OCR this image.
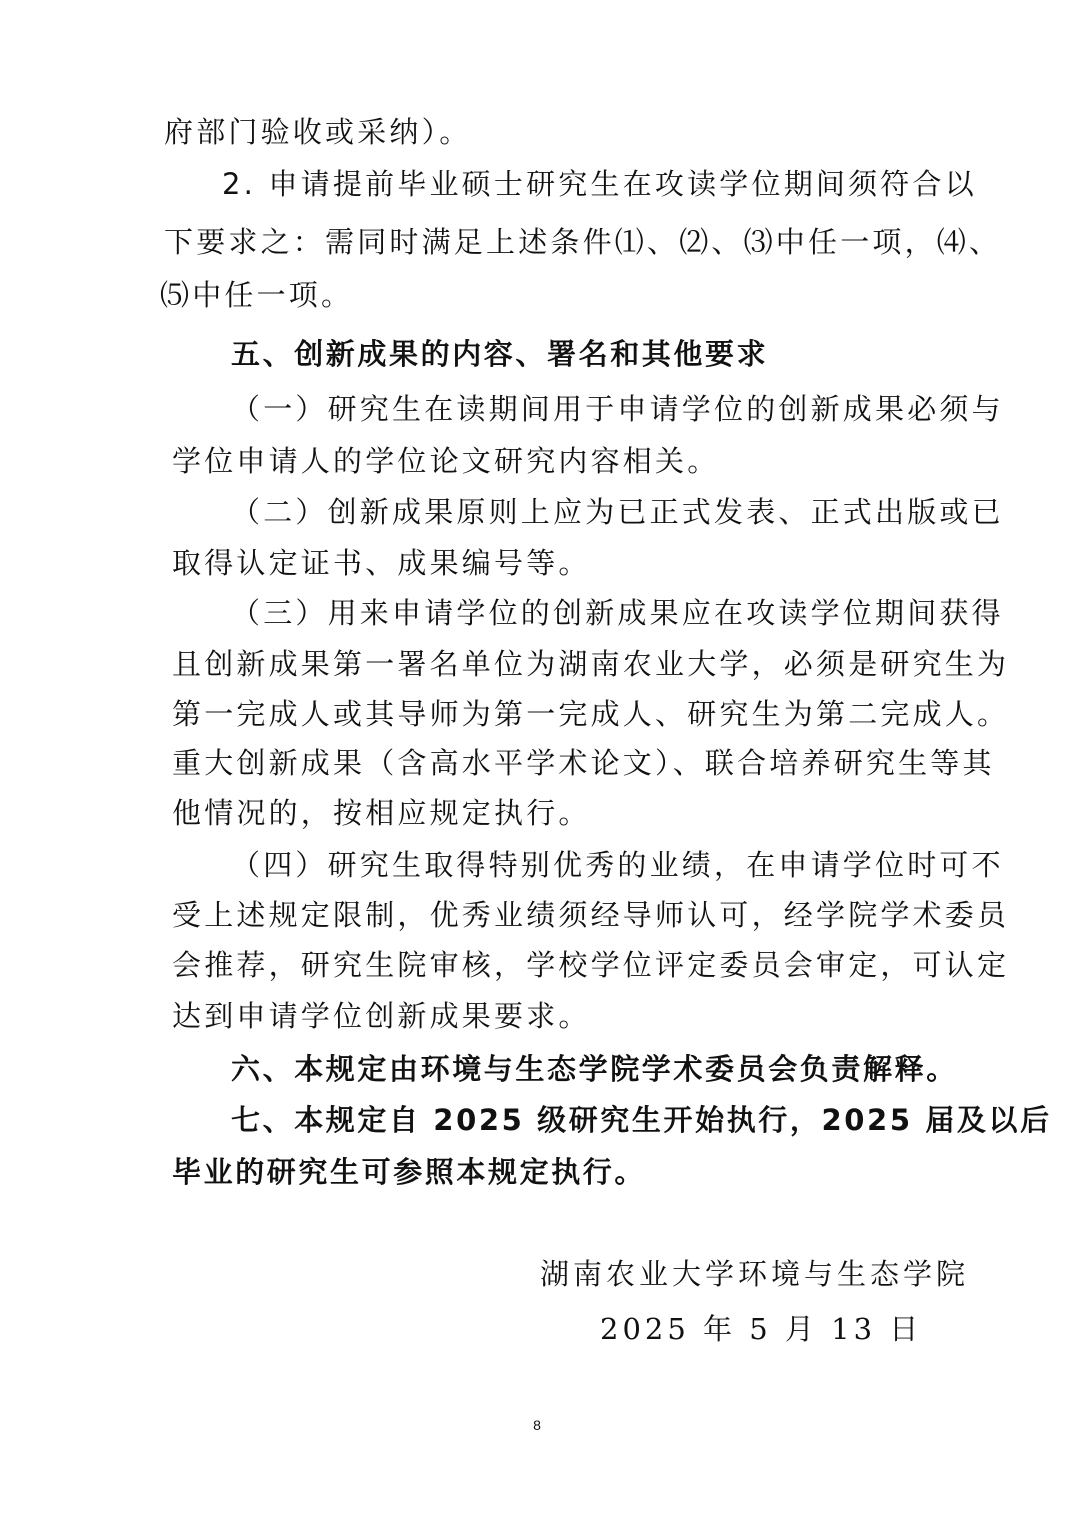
府部门验收或采纳）。
2. 申请提前毕业硕士研究生在攻读学位期间须符合以
下要求之：需同时满足上述条件⑴、⑵、⑶中任一项，⑷、
⑸中任一项。
五、创新成果的内容、署名和其他要求
（一）研究生在读期间用于申请学位的创新成果必须与
学位申请人的学位论文研究内容相关。
（二）创新成果原则上应为已正式发表、正式出版或已
取得认定证书、成果编号等。
（三）用来申请学位的创新成果应在攻读学位期间获得
且创新成果第一署名单位为湖南农业大学，必须是研究生为
第一完成人或其导师为第一完成人、研究生为第二完成人。
重大创新成果（含高水平学术论文）、联合培养研究生等其
他情况的，按相应规定执行。
（四）研究生取得特别优秀的业绩，在申请学位时可不
受上述规定限制，优秀业绩须经导师认可，经学院学术委员
会推荐，研究生院审核，学校学位评定委员会审定，可认定
达到申请学位创新成果要求。
六、本规定由环境与生态学院学术委员会负责解释。
七、本规定自 2025 级研究生开始执行，2025 届及以后
毕业的研究生可参照本规定执行。
湖南农业大学环境与生态学院
2025 年 5 月 13 日
8
